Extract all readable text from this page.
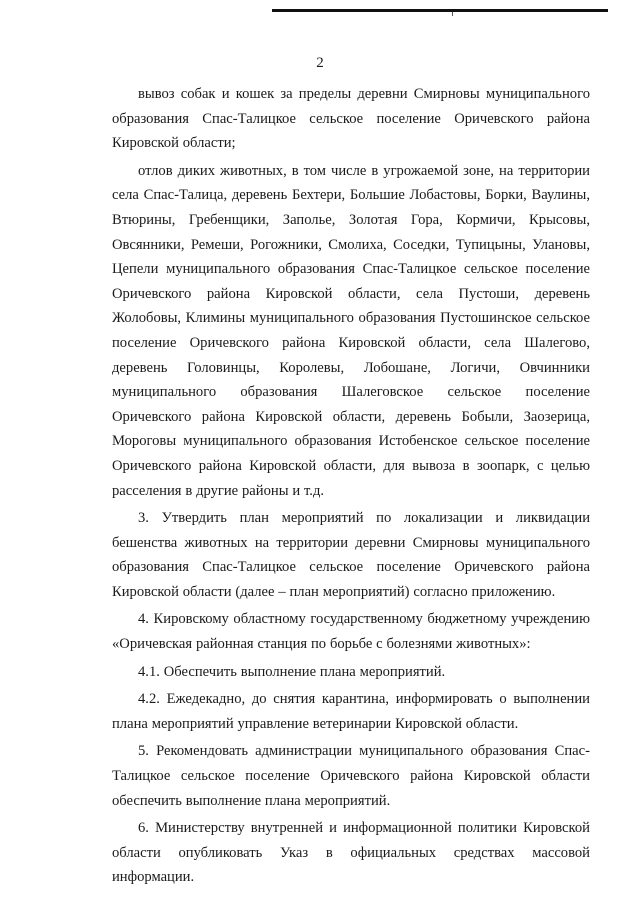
2

вывоз собак и кошек за пределы деревни Смирновы муниципального образования Спас-Талицкое сельское поселение Оричевского района Кировской области;

отлов диких животных, в том числе в угрожаемой зоне, на территории села Спас-Талица, деревень Бехтери, Большие Лобастовы, Борки, Ваулины, Втюрины, Гребенщики, Заполье, Золотая Гора, Кормичи, Крысовы, Овсянники, Ремеши, Рогожники, Смолиха, Соседки, Тупицыны, Улановы, Цепели муниципального образования Спас-Талицкое сельское поселение Оричевского района Кировской области, села Пустоши, деревень Жолобовы, Климины муниципального образования Пустошинское сельское поселение Оричевского района Кировской области, села Шалегово, деревень Головинцы, Королевы, Лобошане, Логичи, Овчинники муниципального образования Шалеговское сельское поселение Оричевского района Кировской области, деревень Бобыли, Заозерица, Мороговы муниципального образования Истобенское сельское поселение Оричевского района Кировской области, для вывоза в зоопарк, с целью расселения в другие районы и т.д.

3. Утвердить план мероприятий по локализации и ликвидации бешенства животных на территории деревни Смирновы муниципального образования Спас-Талицкое сельское поселение Оричевского района Кировской области (далее – план мероприятий) согласно приложению.

4. Кировскому областному государственному бюджетному учреждению «Оричевская районная станция по борьбе с болезнями животных»:

4.1. Обеспечить выполнение плана мероприятий.

4.2. Ежедекадно, до снятия карантина, информировать о выполнении плана мероприятий управление ветеринарии Кировской области.

5. Рекомендовать администрации муниципального образования Спас-Талицкое сельское поселение Оричевского района Кировской области обеспечить выполнение плана мероприятий.

6. Министерству внутренней и информационной политики Кировской области опубликовать Указ в официальных средствах массовой информации.
